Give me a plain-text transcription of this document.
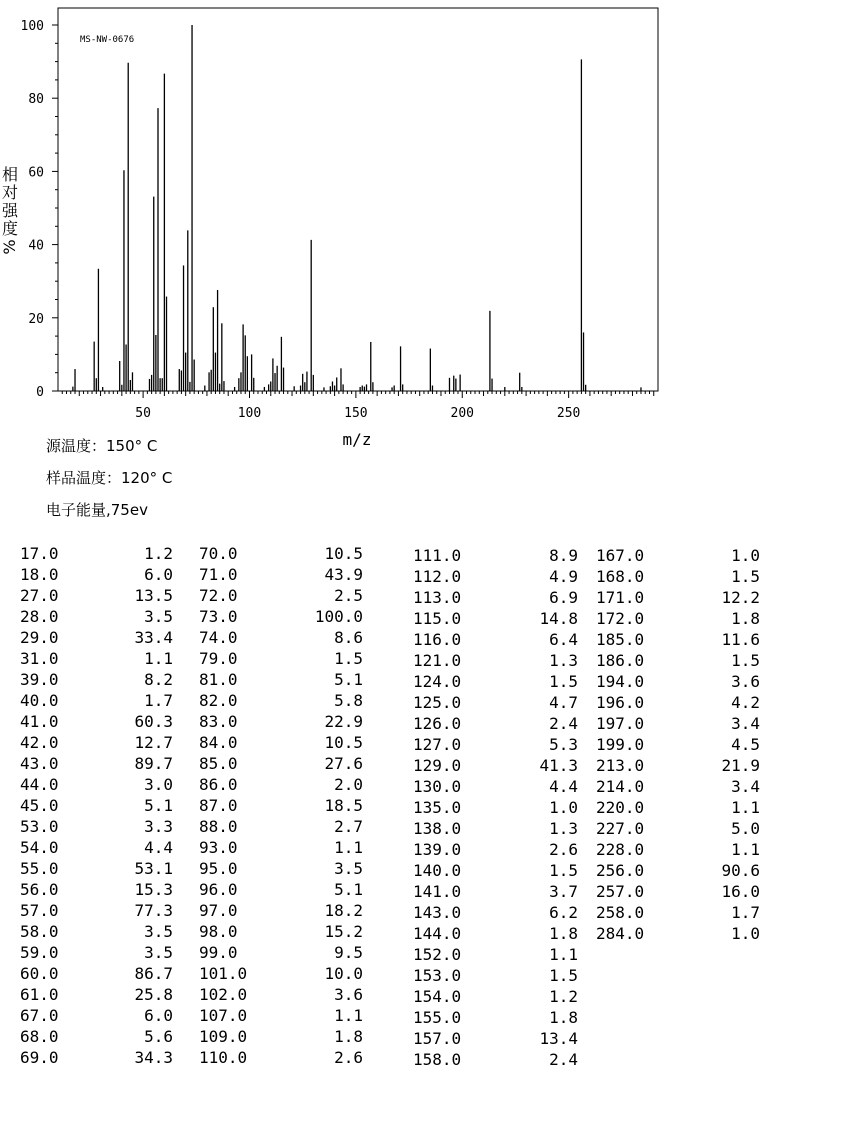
MS-NW-0676
50	100	150	200	250
0
20
40
60
80
100
m/z
相
对
强
度
%
源温度：150° C
样品温度：120° C
电子能量,75ev
17.0	1.2
18.0	6.0
27.0	13.5
28.0	3.5
29.0	33.4
31.0	1.1
39.0	8.2
40.0	1.7
41.0	60.3
42.0	12.7
43.0	89.7
44.0	3.0
45.0	5.1
53.0	3.3
54.0	4.4
55.0	53.1
56.0	15.3
57.0	77.3
58.0	3.5
59.0	3.5
60.0	86.7
61.0	25.8
67.0	6.0
68.0	5.6
69.0	34.3
70.0	10.5
71.0	43.9
72.0	2.5
73.0	100.0
74.0	8.6
79.0	1.5
81.0	5.1
82.0	5.8
83.0	22.9
84.0	10.5
85.0	27.6
86.0	2.0
87.0	18.5
88.0	2.7
93.0	1.1
95.0	3.5
96.0	5.1
97.0	18.2
98.0	15.2
99.0	9.5
101.0	10.0
102.0	3.6
107.0	1.1
109.0	1.8
110.0	2.6
111.0	8.9
112.0	4.9
113.0	6.9
115.0	14.8
116.0	6.4
121.0	1.3
124.0	1.5
125.0	4.7
126.0	2.4
127.0	5.3
129.0	41.3
130.0	4.4
135.0	1.0
138.0	1.3
139.0	2.6
140.0	1.5
141.0	3.7
143.0	6.2
144.0	1.8
152.0	1.1
153.0	1.5
154.0	1.2
155.0	1.8
157.0	13.4
158.0	2.4
167.0	1.0
168.0	1.5
171.0	12.2
172.0	1.8
185.0	11.6
186.0	1.5
194.0	3.6
196.0	4.2
197.0	3.4
199.0	4.5
213.0	21.9
214.0	3.4
220.0	1.1
227.0	5.0
228.0	1.1
256.0	90.6
257.0	16.0
258.0	1.7
284.0	1.0
